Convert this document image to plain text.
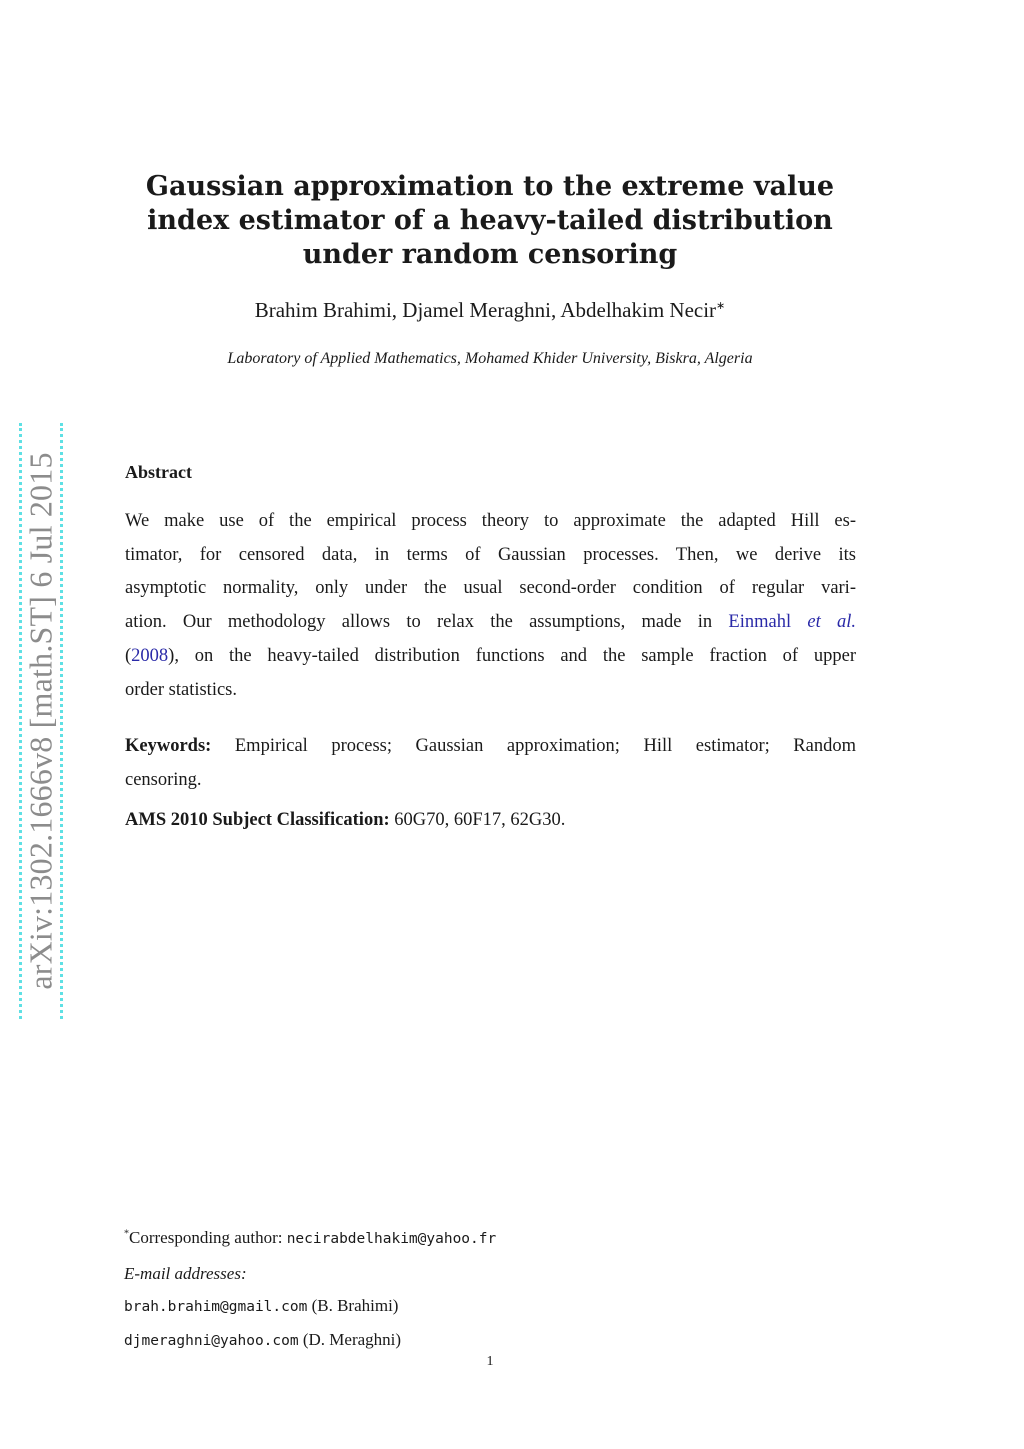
Gaussian approximation to the extreme value
index estimator of a heavy-tailed distribution
under random censoring
Brahim Brahimi, Djamel Meraghni, Abdelhakim Necir∗
Laboratory of Applied Mathematics, Mohamed Khider University, Biskra, Algeria
arXiv:1302.1666v8 [math.ST] 6 Jul 2015	Abstract
We make use of the empirical process theory to approximate the adapted Hill es-
timator, for censored data, in terms of Gaussian processes. Then, we derive its
asymptotic normality, only under the usual second-order condition of regular vari-
ation. Our methodology allows to relax the assumptions, made in Einmahl et al.
(2008), on the heavy-tailed distribution functions and the sample fraction of upper
order statistics.
Keywords: Empirical process; Gaussian approximation; Hill estimator; Random
censoring.
AMS 2010 Subject Classification: 60G70, 60F17, 62G30.
*Corresponding author: necirabdelhakim@yahoo.fr
E-mail addresses:
brah.brahim@gmail.com (B. Brahimi)
djmeraghni@yahoo.com (D. Meraghni)
1
